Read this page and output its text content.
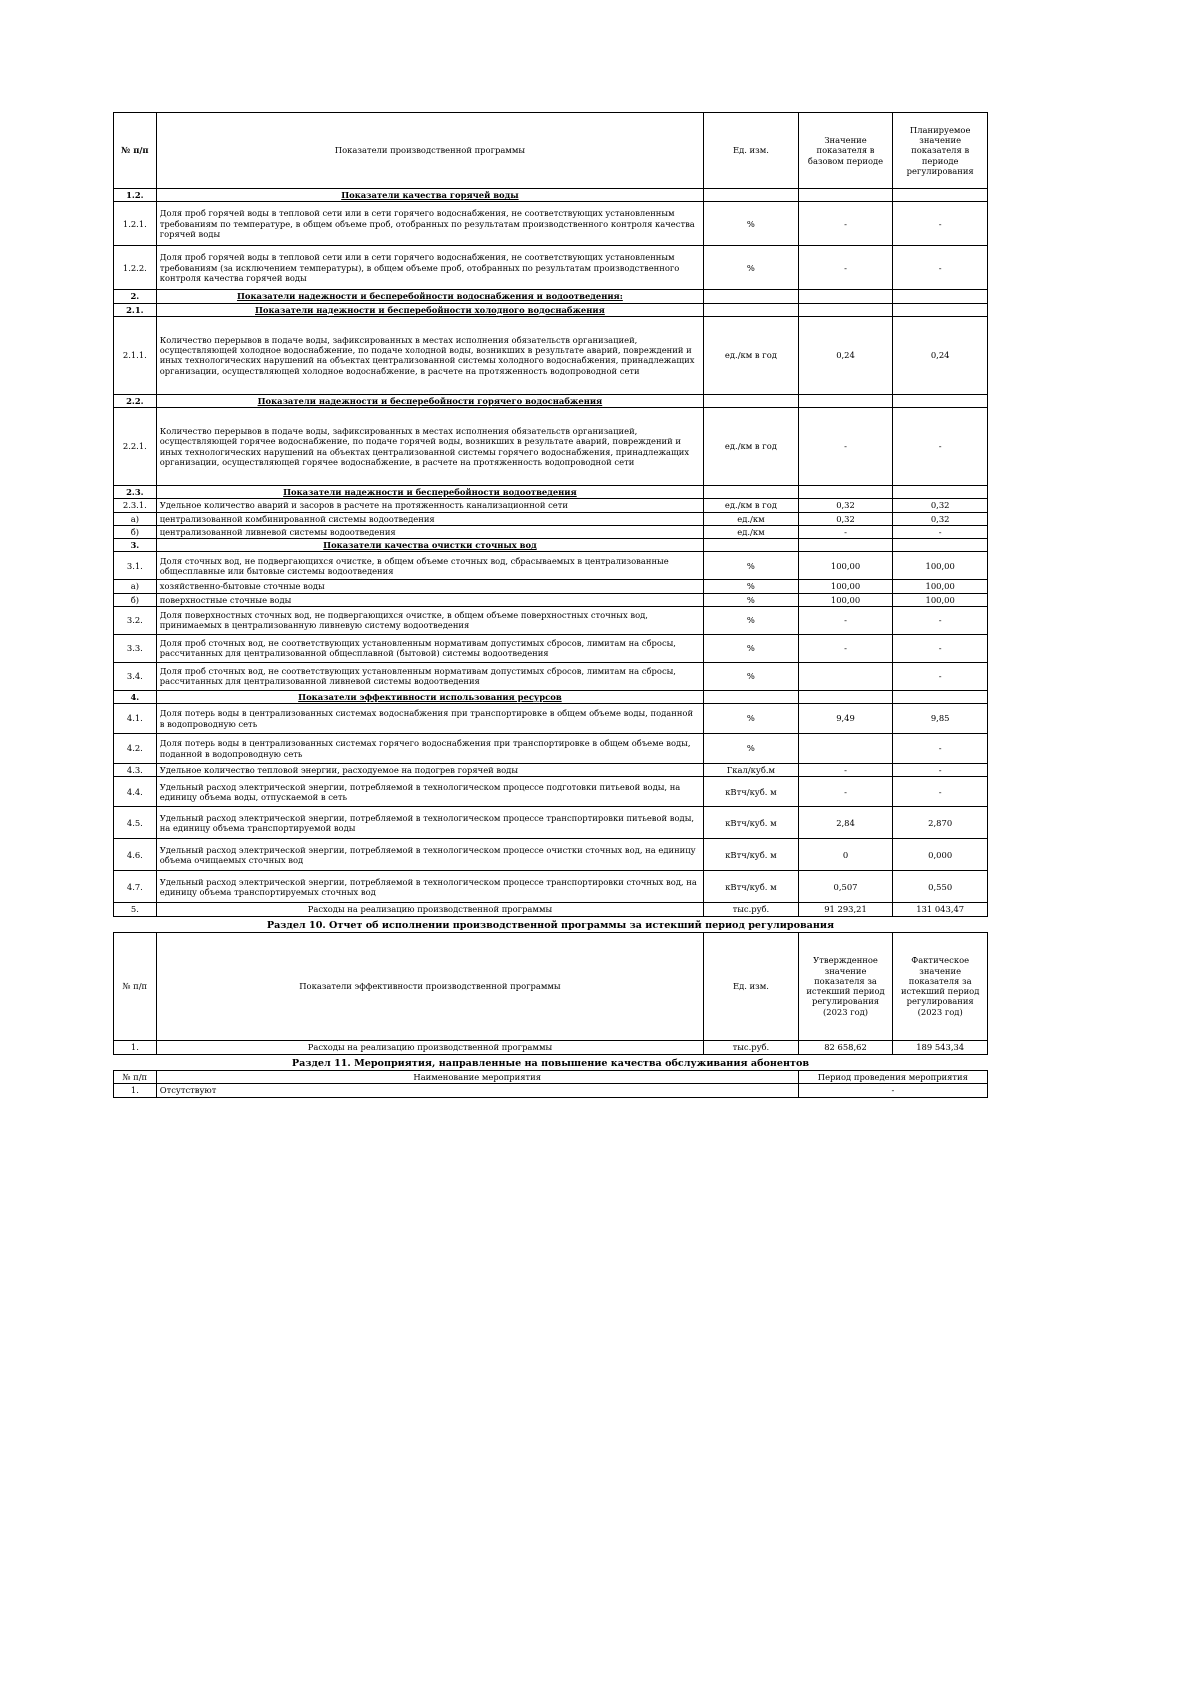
№ п/п	Показатели производственной программы	Ед. изм.	Значение показателя в базовом периоде	Планируемое значение показателя в периоде регулирования
1.2.	Показатели качества горячей воды			
1.2.1.	Доля проб горячей воды в тепловой сети или в сети горячего водоснабжения, не соответствующих установленным требованиям по температуре, в общем объеме проб, отобранных по результатам производственного контроля качества горячей воды	%	-	-
1.2.2.	Доля проб горячей воды в тепловой сети или в сети горячего водоснабжения, не соответствующих установленным требованиям (за исключением температуры), в общем объеме проб, отобранных по результатам производственного контроля качества горячей воды	%	-	-
2.	Показатели надежности и бесперебойности водоснабжения и водоотведения:			
2.1.	Показатели надежности и бесперебойности холодного водоснабжения			
2.1.1.	Количество перерывов в подаче воды, зафиксированных в местах исполнения обязательств организацией, осуществляющей холодное водоснабжение, по подаче холодной воды, возникших в результате аварий, повреждений и иных технологических нарушений на объектах централизованной системы холодного водоснабжения, принадлежащих организации, осуществляющей холодное водоснабжение, в расчете на протяженность водопроводной сети	ед./км в год	0,24	0,24
2.2.	Показатели надежности и бесперебойности горячего водоснабжения			
2.2.1.	Количество перерывов в подаче воды, зафиксированных в местах исполнения обязательств организацией, осуществляющей горячее водоснабжение, по подаче горячей воды, возникших в результате аварий, повреждений и иных технологических нарушений на объектах централизованной системы горячего водоснабжения, принадлежащих организации, осуществляющей горячее водоснабжение, в расчете на протяженность водопроводной сети	ед./км в год	-	-
2.3.	Показатели надежности и бесперебойности водоотведения			
2.3.1.	Удельное количество аварий и засоров в расчете на протяженность канализационной сети	ед./км в год	0,32	0,32
а)	централизованной комбинированной системы водоотведения	ед./км	0,32	0,32
б)	централизованной ливневой системы водоотведения	ед./км	-	-
3.	Показатели качества очистки сточных вод			
3.1.	Доля сточных вод, не подвергающихся очистке, в общем объеме сточных вод, сбрасываемых в централизованные общесплавные или бытовые системы водоотведения	%	100,00	100,00
а)	хозяйственно-бытовые сточные воды	%	100,00	100,00
б)	поверхностные сточные воды	%	100,00	100,00
3.2.	Доля поверхностных сточных вод, не подвергающихся очистке, в общем объеме поверхностных сточных вод, принимаемых в централизованную ливневую систему водоотведения	%	-	-
3.3.	Доля проб сточных вод, не соответствующих установленным нормативам допустимых сбросов, лимитам на сбросы, рассчитанных для централизованной общесплавной (бытовой) системы водоотведения	%	-	-
3.4.	Доля проб сточных вод, не соответствующих установленным нормативам допустимых сбросов, лимитам на сбросы, рассчитанных для централизованной ливневой системы водоотведения	%		-
4.	Показатели эффективности использования ресурсов			
4.1.	Доля потерь воды в централизованных системах водоснабжения при транспортировке в общем объеме воды, поданной в водопроводную сеть	%	9,49	9,85
4.2.	Доля потерь воды в централизованных системах горячего водоснабжения при транспортировке в общем объеме воды, поданной в водопроводную сеть	%		-
4.3.	Удельное количество тепловой энергии, расходуемое на подогрев горячей воды	Гкал/куб.м	-	-
4.4.	Удельный расход электрической энергии, потребляемой в технологическом процессе подготовки питьевой воды, на единицу объема воды, отпускаемой в сеть	кВтч/куб. м	-	-
4.5.	Удельный расход электрической энергии, потребляемой в технологическом процессе транспортировки питьевой воды, на единицу объема транспортируемой воды	кВтч/куб. м	2,84	2,870
4.6.	Удельный расход электрической энергии, потребляемой в технологическом процессе очистки сточных вод, на единицу объема очищаемых сточных вод	кВтч/куб. м	0	0,000
4.7.	Удельный расход электрической энергии, потребляемой в технологическом процессе транспортировки сточных вод, на единицу объема транспортируемых сточных вод	кВтч/куб. м	0,507	0,550
5.	Расходы на реализацию производственной программы	тыс.руб.	91 293,21	131 043,47
Раздел 10. Отчет об исполнении производственной программы за истекший период регулирования
№ п/п	Показатели эффективности производственной программы	Ед. изм.	Утвержденное значение показателя за истекший период регулирования (2023 год)	Фактическое значение показателя за истекший период регулирования (2023 год)
1.	Расходы на реализацию производственной программы	тыс.руб.	82 658,62	189 543,34
Раздел 11. Мероприятия, направленные на повышение качества обслуживания абонентов
№ п/п	Наименование мероприятия	Период проведения мероприятия
1.	Отсутствуют	-
